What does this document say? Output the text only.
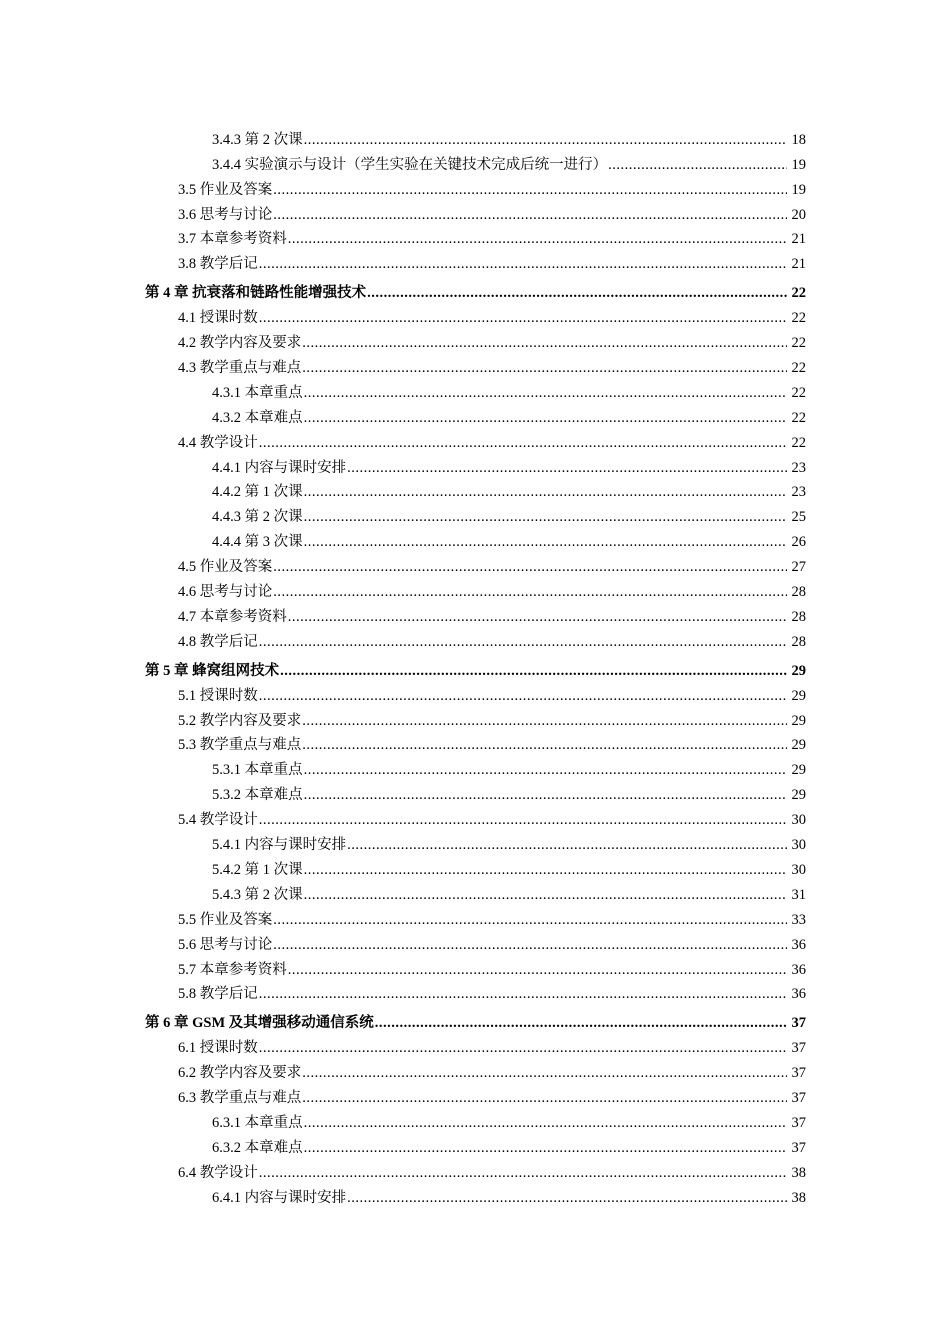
3.4.3 第 2 次课 .....	18
3.4.4 实验演示与设计（学生实验在关键技术完成后统一进行） .....	19
3.5 作业及答案 .....	19
3.6 思考与讨论 .....	20
3.7 本章参考资料 .....	21
3.8 教学后记 .....	21
第 4 章 抗衰落和链路性能增强技术 .....	22
4.1 授课时数 .....	22
4.2 教学内容及要求 .....	22
4.3 教学重点与难点 .....	22
4.3.1 本章重点 .....	22
4.3.2 本章难点 .....	22
4.4 教学设计 .....	22
4.4.1 内容与课时安排 .....	23
4.4.2 第 1 次课 .....	23
4.4.3 第 2 次课 .....	25
4.4.4 第 3 次课 .....	26
4.5 作业及答案 .....	27
4.6 思考与讨论 .....	28
4.7 本章参考资料 .....	28
4.8 教学后记 .....	28
第 5 章 蜂窝组网技术 .....	29
5.1 授课时数 .....	29
5.2 教学内容及要求 .....	29
5.3 教学重点与难点 .....	29
5.3.1 本章重点 .....	29
5.3.2 本章难点 .....	29
5.4 教学设计 .....	30
5.4.1 内容与课时安排 .....	30
5.4.2 第 1 次课 .....	30
5.4.3 第 2 次课 .....	31
5.5 作业及答案 .....	33
5.6 思考与讨论 .....	36
5.7 本章参考资料 .....	36
5.8 教学后记 .....	36
第 6 章 GSM 及其增强移动通信系统 .....	37
6.1 授课时数 .....	37
6.2 教学内容及要求 .....	37
6.3 教学重点与难点 .....	37
6.3.1 本章重点 .....	37
6.3.2 本章难点 .....	37
6.4 教学设计 .....	38
6.4.1 内容与课时安排 .....	38
